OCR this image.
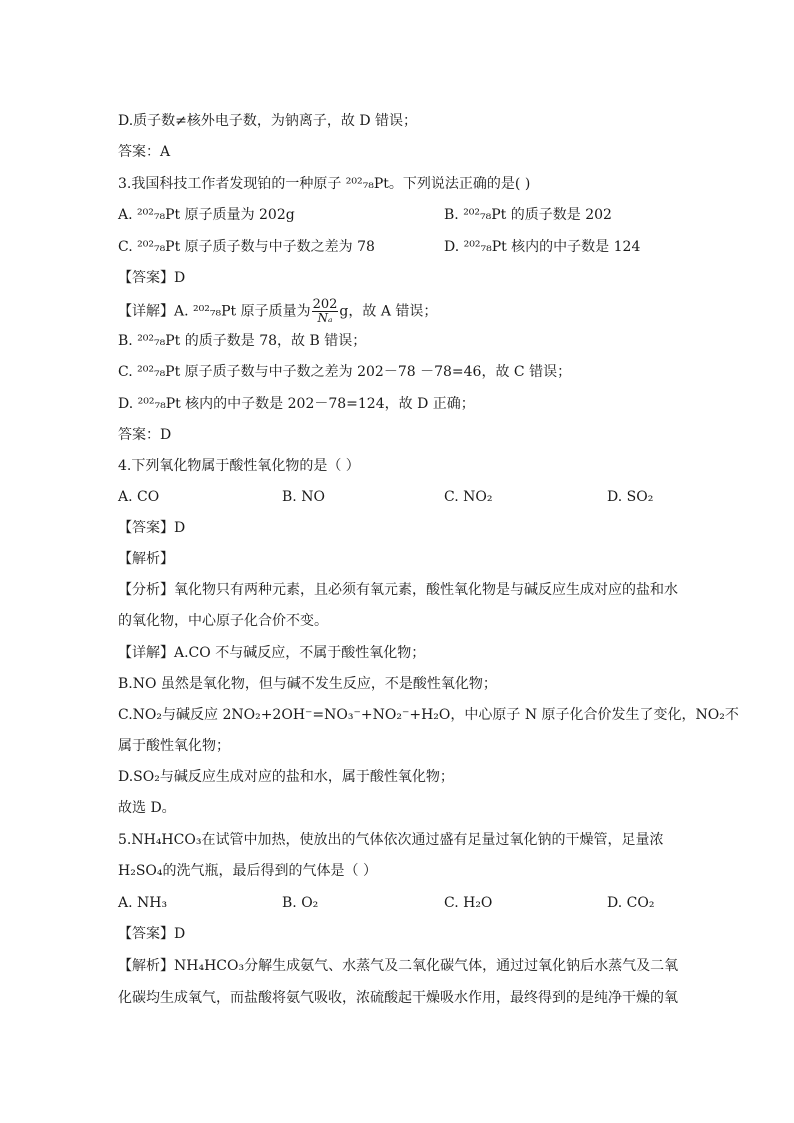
D.质子数≠核外电子数，为钠离子，故 D 错误；
答案：A
3.我国科技工作者发现铂的一种原子 ²⁰²₇₈Pt。下列说法正确的是( )
A. ²⁰²₇₈Pt 原子质量为 202g	B. ²⁰²₇₈Pt 的质子数是 202
C. ²⁰²₇₈Pt 原子质子数与中子数之差为 78	D. ²⁰²₇₈Pt 核内的中子数是 124
【答案】D
【详解】A. ²⁰²₇₈Pt 原子质量为 $\frac{202}{\text{Nₐ}}$ g，故 A 错误；
B. ²⁰²₇₈Pt 的质子数是 78，故 B 错误；
C. ²⁰²₇₈Pt 原子质子数与中子数之差为 202－78 －78=46，故 C 错误；
D. ²⁰²₇₈Pt 核内的中子数是 202－78=124，故 D 正确；
答案：D
4.下列氧化物属于酸性氧化物的是（ ）
A. CO	B. NO	C. NO₂	D. SO₂
【答案】D
【解析】
【分析】氧化物只有两种元素，且必须有氧元素，酸性氧化物是与碱反应生成对应的盐和水
的氧化物，中心原子化合价不变。
【详解】A.CO 不与碱反应，不属于酸性氧化物；
B.NO 虽然是氧化物，但与碱不发生反应，不是酸性氧化物；
C.NO₂与碱反应 2NO₂+2OH⁻=NO₃⁻+NO₂⁻+H₂O，中心原子 N 原子化合价发生了变化，NO₂不
属于酸性氧化物；
D.SO₂与碱反应生成对应的盐和水，属于酸性氧化物；
故选 D。
5.NH₄HCO₃在试管中加热，使放出的气体依次通过盛有足量过氧化钠的干燥管，足量浓
H₂SO₄的洗气瓶，最后得到的气体是（ ）
A. NH₃	B. O₂	C. H₂O	D. CO₂
【答案】D
【解析】NH₄HCO₃分解生成氨气、水蒸气及二氧化碳气体，通过过氧化钠后水蒸气及二氧
化碳均生成氧气，而盐酸将氨气吸收，浓硫酸起干燥吸水作用，最终得到的是纯净干燥的氧
